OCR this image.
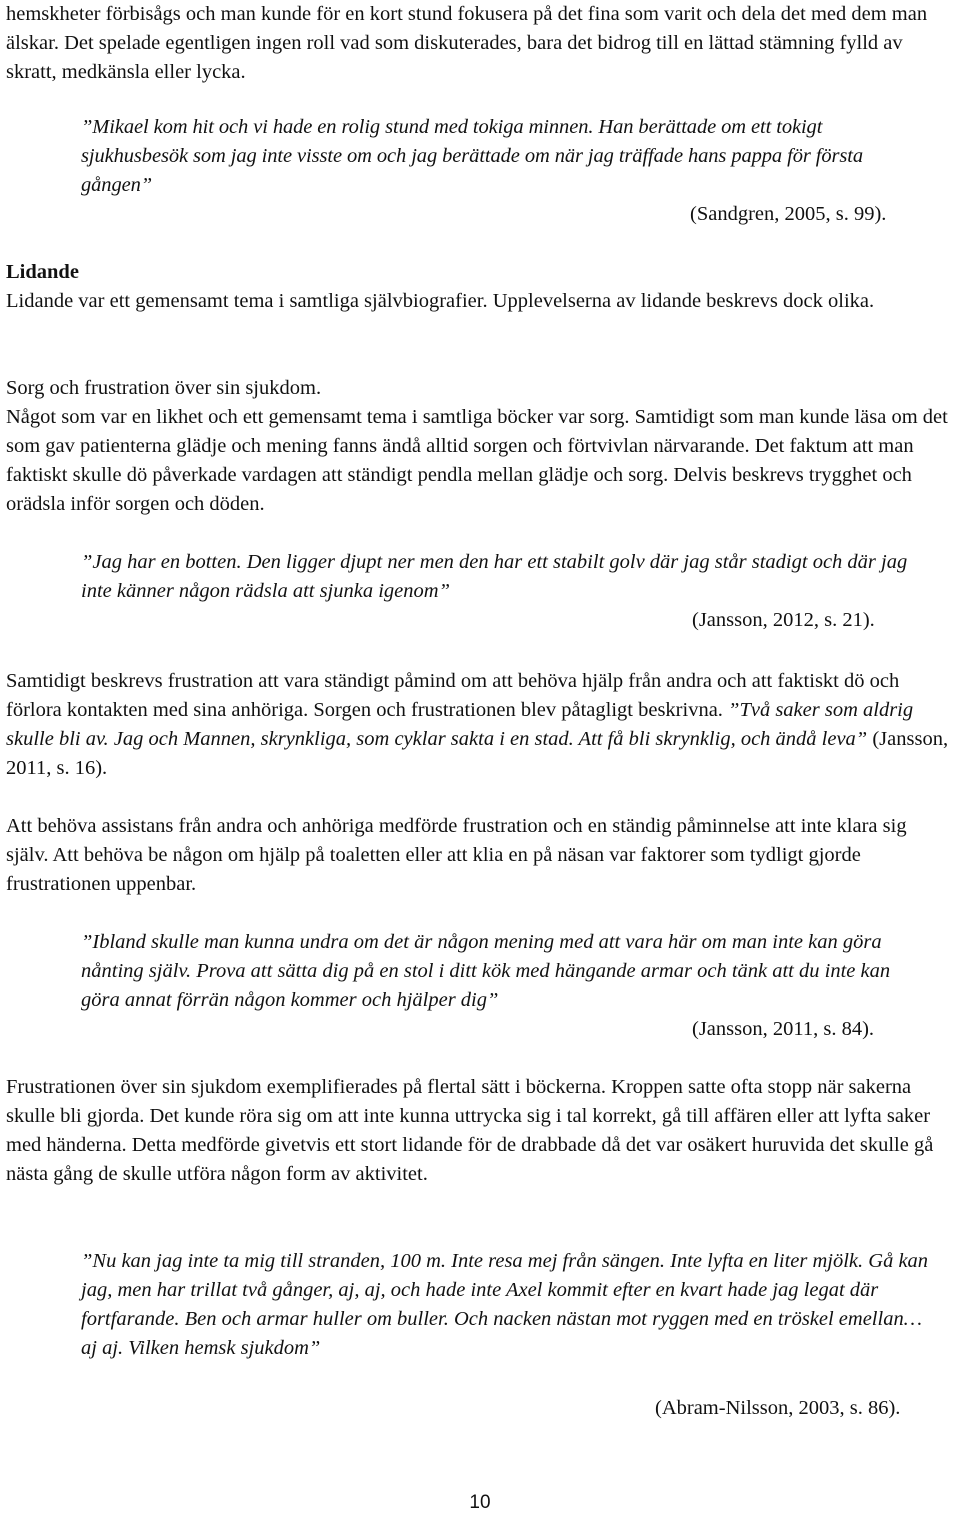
hemskheter förbisågs och man kunde för en kort stund fokusera på det fina som varit och dela det med dem man älskar. Det spelade egentligen ingen roll vad som diskuterades, bara det bidrog till en lättad stämning fylld av skratt, medkänsla eller lycka.

”Mikael kom hit och vi hade en rolig stund med tokiga minnen. Han berättade om ett tokigt sjukhusbesök som jag inte visste om och jag berättade om när jag träffade hans pappa för första gången”

(Sandgren, 2005, s. 99).

Lidande

Lidande var ett gemensamt tema i samtliga självbiografier. Upplevelserna av lidande beskrevs dock olika.

Sorg och frustration över sin sjukdom.

Något som var en likhet och ett gemensamt tema i samtliga böcker var sorg. Samtidigt som man kunde läsa om det som gav patienterna glädje och mening fanns ändå alltid sorgen och förtvivlan närvarande. Det faktum att man faktiskt skulle dö påverkade vardagen att ständigt pendla mellan glädje och sorg. Delvis beskrevs trygghet och orädsla inför sorgen och döden.

”Jag har en botten. Den ligger djupt ner men den har ett stabilt golv där jag står stadigt och där jag inte känner någon rädsla att sjunka igenom”

(Jansson, 2012, s. 21).

Samtidigt beskrevs frustration att vara ständigt påmind om att behöva hjälp från andra och att faktiskt dö och förlora kontakten med sina anhöriga. Sorgen och frustrationen blev påtagligt beskrivna. ”Två saker som aldrig skulle bli av. Jag och Mannen, skrynkliga, som cyklar sakta i en stad. Att få bli skrynklig, och ändå leva” (Jansson, 2011, s. 16).

Att behöva assistans från andra och anhöriga medförde frustration och en ständig påminnelse att inte klara sig själv. Att behöva be någon om hjälp på toaletten eller att klia en på näsan var faktorer som tydligt gjorde frustrationen uppenbar.

”Ibland skulle man kunna undra om det är någon mening med att vara här om man inte kan göra nånting själv. Prova att sätta dig på en stol i ditt kök med hängande armar och tänk att du inte kan göra annat förrän någon kommer och hjälper dig”

(Jansson, 2011, s. 84).

Frustrationen över sin sjukdom exemplifierades på flertal sätt i böckerna. Kroppen satte ofta stopp när sakerna skulle bli gjorda. Det kunde röra sig om att inte kunna uttrycka sig i tal korrekt, gå till affären eller att lyfta saker med händerna. Detta medförde givetvis ett stort lidande för de drabbade då det var osäkert huruvida det skulle gå nästa gång de skulle utföra någon form av aktivitet.

”Nu kan jag inte ta mig till stranden, 100 m. Inte resa mej från sängen. Inte lyfta en liter mjölk. Gå kan jag, men har trillat två gånger, aj, aj, och hade inte Axel kommit efter en kvart hade jag legat där fortfarande. Ben och armar huller om buller. Och nacken nästan mot ryggen med en tröskel emellan… aj aj. Vilken hemsk sjukdom”

(Abram-Nilsson, 2003, s. 86).
10
